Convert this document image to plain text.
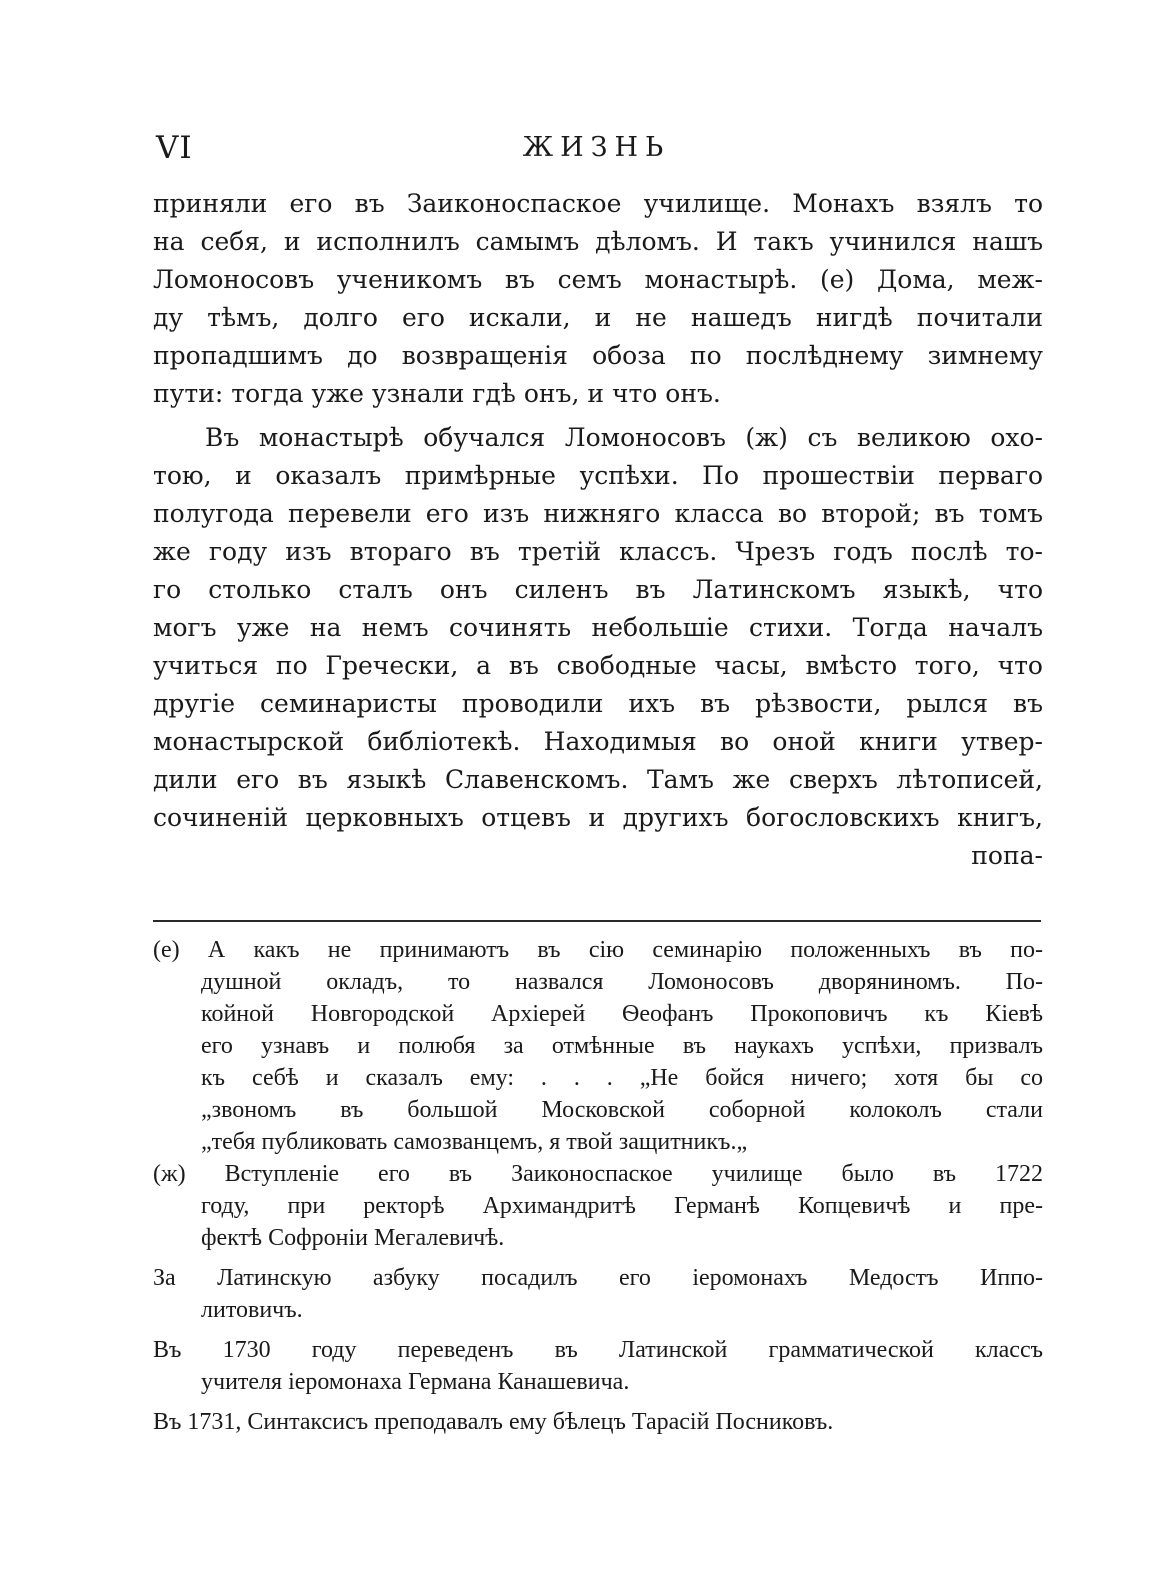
VI	ЖИЗНЬ
приняли его въ Заиконоспаское училище. Монахъ взялъ то
на себя, и исполнилъ самымъ дѣломъ. И такъ учинился нашъ
Ломоносовъ ученикомъ въ семъ монастырѣ. (е) Дома, меж-
ду тѣмъ, долго его искали, и не нашедъ нигдѣ почитали
пропадшимъ до возвращенія обоза по послѣднему зимнему
пути: тогда уже узнали гдѣ онъ, и что онъ.
Въ монастырѣ обучался Ломоносовъ (ж) съ великою охо-
тою, и оказалъ примѣрные успѣхи. По прошествіи перваго
полугода перевели его изъ нижняго класса во второй; въ томъ
же году изъ втораго въ третій классъ. Чрезъ годъ послѣ то-
го столько сталъ онъ силенъ въ Латинскомъ языкѣ, что
могъ уже на немъ сочинять небольшіе стихи. Тогда началъ
учиться по Гречески, а въ свободные часы, вмѣсто того, что
другіе семинаристы проводили ихъ въ рѣзвости, рылся въ
монастырской библіотекѣ. Находимыя во оной книги утвер-
дили его въ языкѣ Славенскомъ. Тамъ же сверхъ лѣтописей,
сочиненій церковныхъ отцевъ и другихъ богословскихъ книгъ,
попа-
(е) А какъ не принимаютъ въ сію семинарію положенныхъ въ по-
душной окладъ, то назвался Ломоносовъ дворяниномъ. По-
койной Новгородской Архіерей Ѳеофанъ Прокоповичъ къ Кіевѣ
его узнавъ и полюбя за отмѣнные въ наукахъ успѣхи, призвалъ
къ себѣ и сказалъ ему: . . . „Не бойся ничего; хотя бы со
„звономъ въ большой Московской соборной колоколъ стали
„тебя публиковать самозванцемъ, я твой защитникъ.„
(ж) Вступленіе его въ Заиконоспаское училище было въ 1722
году, при ректорѣ Архимандритѣ Германѣ Копцевичѣ и пре-
фектѣ Софроніи Мегалевичѣ.
За Латинскую азбуку посадилъ его іеромонахъ Медостъ Иппо-
литовичъ.
Въ 1730 году переведенъ въ Латинской грамматической классъ
учителя іеромонаха Германа Канашевича.
Въ 1731, Синтаксисъ преподавалъ ему бѣлецъ Тарасій Посниковъ.
